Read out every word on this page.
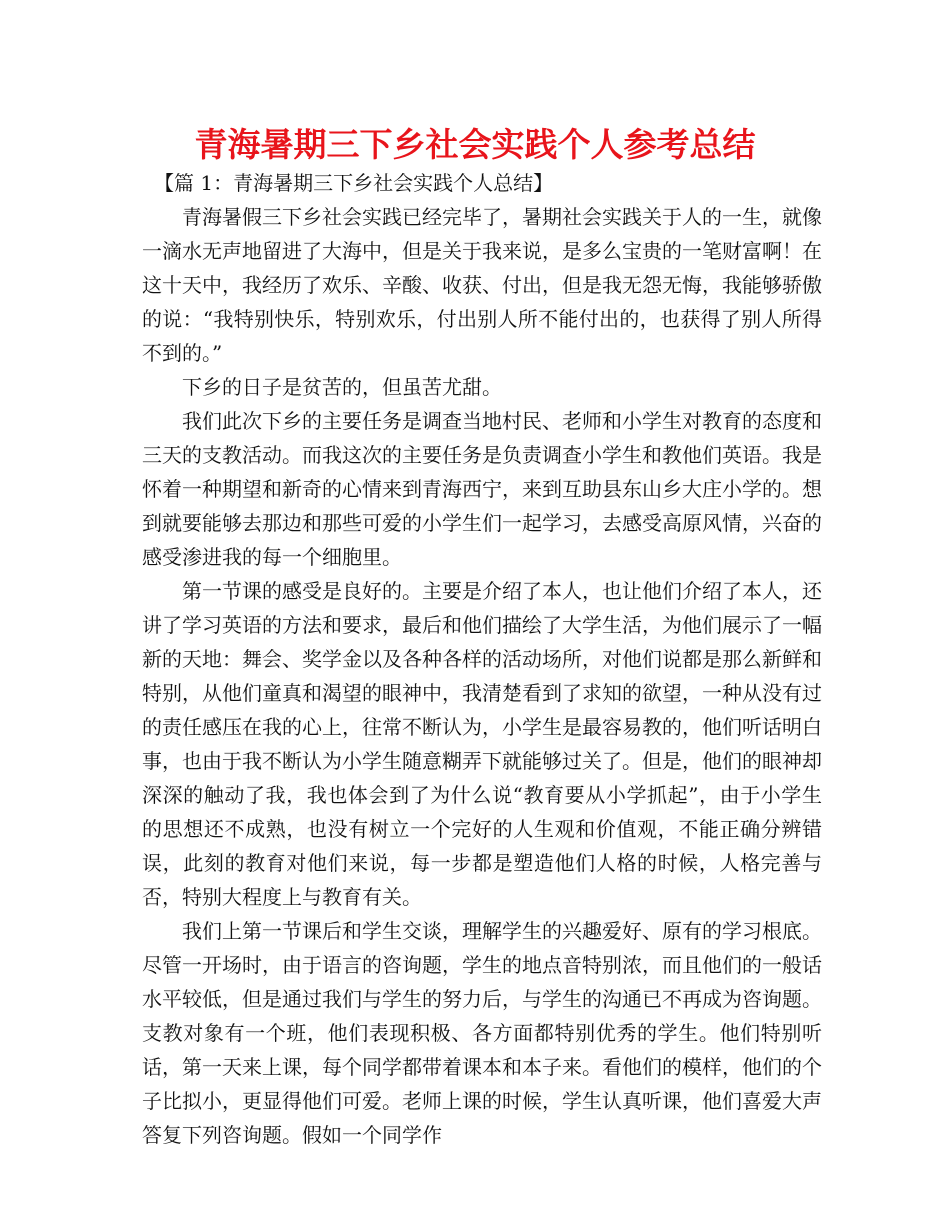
青海暑期三下乡社会实践个人参考总结

【篇 1：青海暑期三下乡社会实践个人总结】

青海暑假三下乡社会实践已经完毕了，暑期社会实践关于人的一生，就像一滴水无声地留进了大海中，但是关于我来说，是多么宝贵的一笔财富啊！在这十天中，我经历了欢乐、辛酸、收获、付出，但是我无怨无悔，我能够骄傲的说：“我特别快乐，特别欢乐，付出别人所不能付出的，也获得了别人所得不到的。”

下乡的日子是贫苦的，但虽苦尤甜。

我们此次下乡的主要任务是调查当地村民、老师和小学生对教育的态度和三天的支教活动。而我这次的主要任务是负责调查小学生和教他们英语。我是怀着一种期望和新奇的心情来到青海西宁，来到互助县东山乡大庄小学的。想到就要能够去那边和那些可爱的小学生们一起学习，去感受高原风情，兴奋的感受渗进我的每一个细胞里。

第一节课的感受是良好的。主要是介绍了本人，也让他们介绍了本人，还讲了学习英语的方法和要求，最后和他们描绘了大学生活，为他们展示了一幅新的天地：舞会、奖学金以及各种各样的活动场所，对他们说都是那么新鲜和特别，从他们童真和渴望的眼神中，我清楚看到了求知的欲望，一种从没有过的责任感压在我的心上，往常不断认为，小学生是最容易教的，他们听话明白事，也由于我不断认为小学生随意糊弄下就能够过关了。但是，他们的眼神却深深的触动了我，我也体会到了为什么说“教育要从小学抓起”，由于小学生的思想还不成熟，也没有树立一个完好的人生观和价值观，不能正确分辨错误，此刻的教育对他们来说，每一步都是塑造他们人格的时候，人格完善与否，特别大程度上与教育有关。

我们上第一节课后和学生交谈，理解学生的兴趣爱好、原有的学习根底。尽管一开场时，由于语言的咨询题，学生的地点音特别浓，而且他们的一般话水平较低，但是通过我们与学生的努力后，与学生的沟通已不再成为咨询题。支教对象有一个班，他们表现积极、各方面都特别优秀的学生。他们特别听话，第一天来上课，每个同学都带着课本和本子来。看他们的模样，他们的个子比拟小，更显得他们可爱。老师上课的时候，学生认真听课，他们喜爱大声答复下列咨询题。假如一个同学作
